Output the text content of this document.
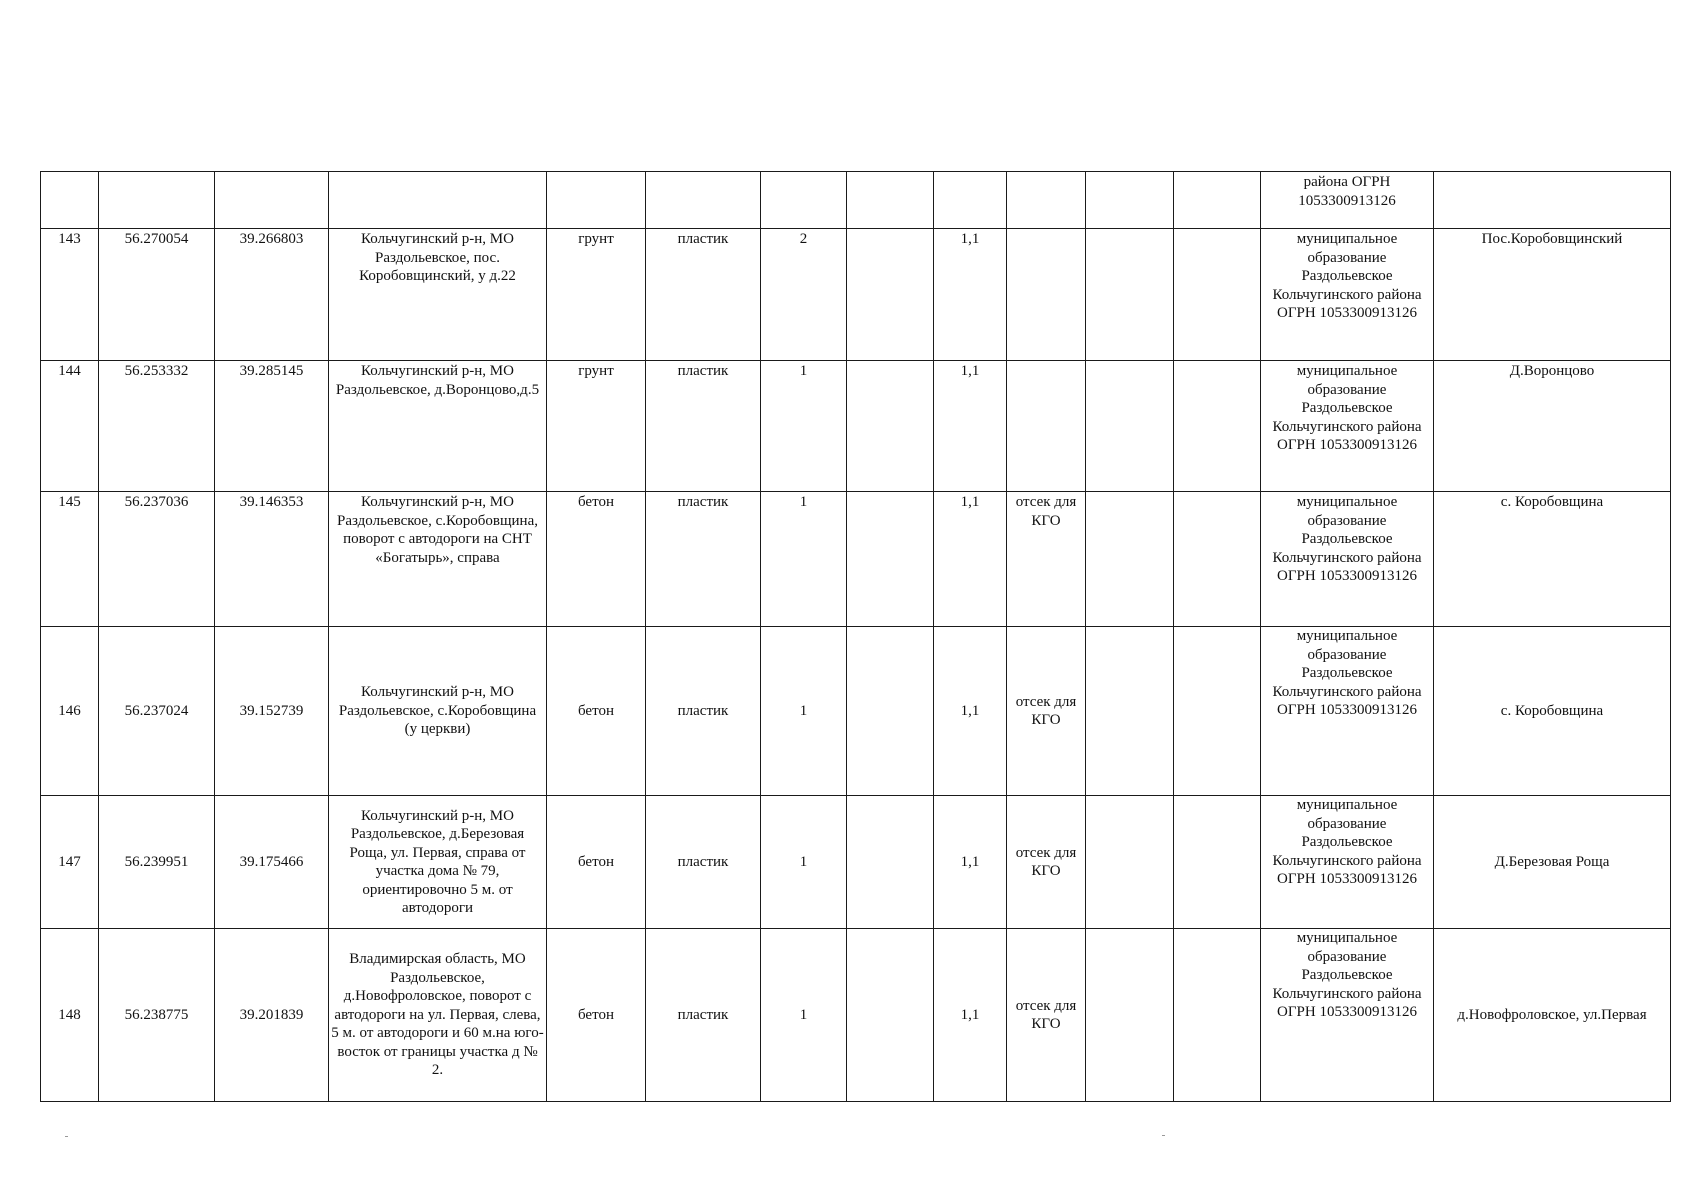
												района ОГРН 1053300913126	
143	56.270054	39.266803	Кольчугинский р-н, МО Раздольевское, пос. Коробовщинский, у д.22	грунт	пластик	2		1,1				муниципальное образование Раздольевское Кольчугинского района ОГРН 1053300913126	Пос.Коробовщинский
144	56.253332	39.285145	Кольчугинский р-н, МО Раздольевское, д.Воронцово,д.5	грунт	пластик	1		1,1				муниципальное образование Раздольевское Кольчугинского района ОГРН 1053300913126	Д.Воронцово
145	56.237036	39.146353	Кольчугинский р-н, МО Раздольевское, с.Коробовщина, поворот с автодороги на СНТ «Богатырь», справа	бетон	пластик	1		1,1	отсек для КГО			муниципальное образование Раздольевское Кольчугинского района ОГРН 1053300913126	с. Коробовщина
146	56.237024	39.152739	Кольчугинский р-н, МО Раздольевское, с.Коробовщина (у церкви)	бетон	пластик	1		1,1	отсек для КГО			муниципальное образование Раздольевское Кольчугинского района ОГРН 1053300913126	с. Коробовщина
147	56.239951	39.175466	Кольчугинский р-н, МО Раздольевское, д.Березовая Роща, ул. Первая, справа от участка дома № 79, ориентировочно 5 м. от автодороги	бетон	пластик	1		1,1	отсек для КГО			муниципальное образование Раздольевское Кольчугинского района ОГРН 1053300913126	Д.Березовая Роща
148	56.238775	39.201839	Владимирская область, МО Раздольевское, д.Новофроловское, поворот с автодороги на ул. Первая, слева, 5 м. от автодороги и 60 м.на юго-восток от границы участка д № 2.	бетон	пластик	1		1,1	отсек для КГО			муниципальное образование Раздольевское Кольчугинского района ОГРН 1053300913126	д.Новофроловское, ул.Первая
